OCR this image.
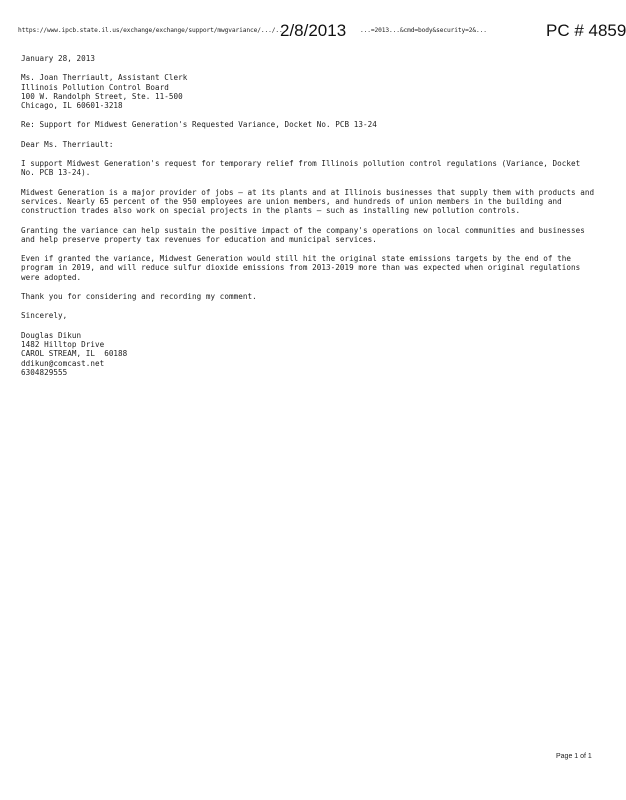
https://www.ipcb.state.il.us/exchange/exchange/support/mwgvariance/.../...
2/8/2013 ...=2013...&cmd=body&security=2&...	PC # 4859

January 28, 2013

Ms. Joan Therriault, Assistant Clerk

Illinois Pollution Control Board

100 W. Randolph Street, Ste. 11-500

Chicago, IL 60601-3218

Re: Support for Midwest Generation's Requested Variance, Docket No. PCB 13-24

Dear Ms. Therriault:

I support Midwest Generation's request for temporary relief from Illinois pollution control regulations (Variance, Docket No. PCB 13-24).

Midwest Generation is a major provider of jobs — at its plants and at Illinois businesses that supply them with products and services. Nearly 65 percent of the 950 employees are union members, and hundreds of union members in the building and construction trades also work on special projects in the plants — such as installing new pollution controls.

Granting the variance can help sustain the positive impact of the company's operations on local communities and businesses and help preserve property tax revenues for education and municipal services.

Even if granted the variance, Midwest Generation would still hit the original state emissions targets by the end of the program in 2019, and will reduce sulfur dioxide emissions from 2013-2019 more than was expected when original regulations were adopted.

Thank you for considering and recording my comment.

Sincerely,

Douglas Dikun

1482 Hilltop Drive

CAROL STREAM, IL  60188

ddikun@comcast.net

6304829555

Page 1 of 1
